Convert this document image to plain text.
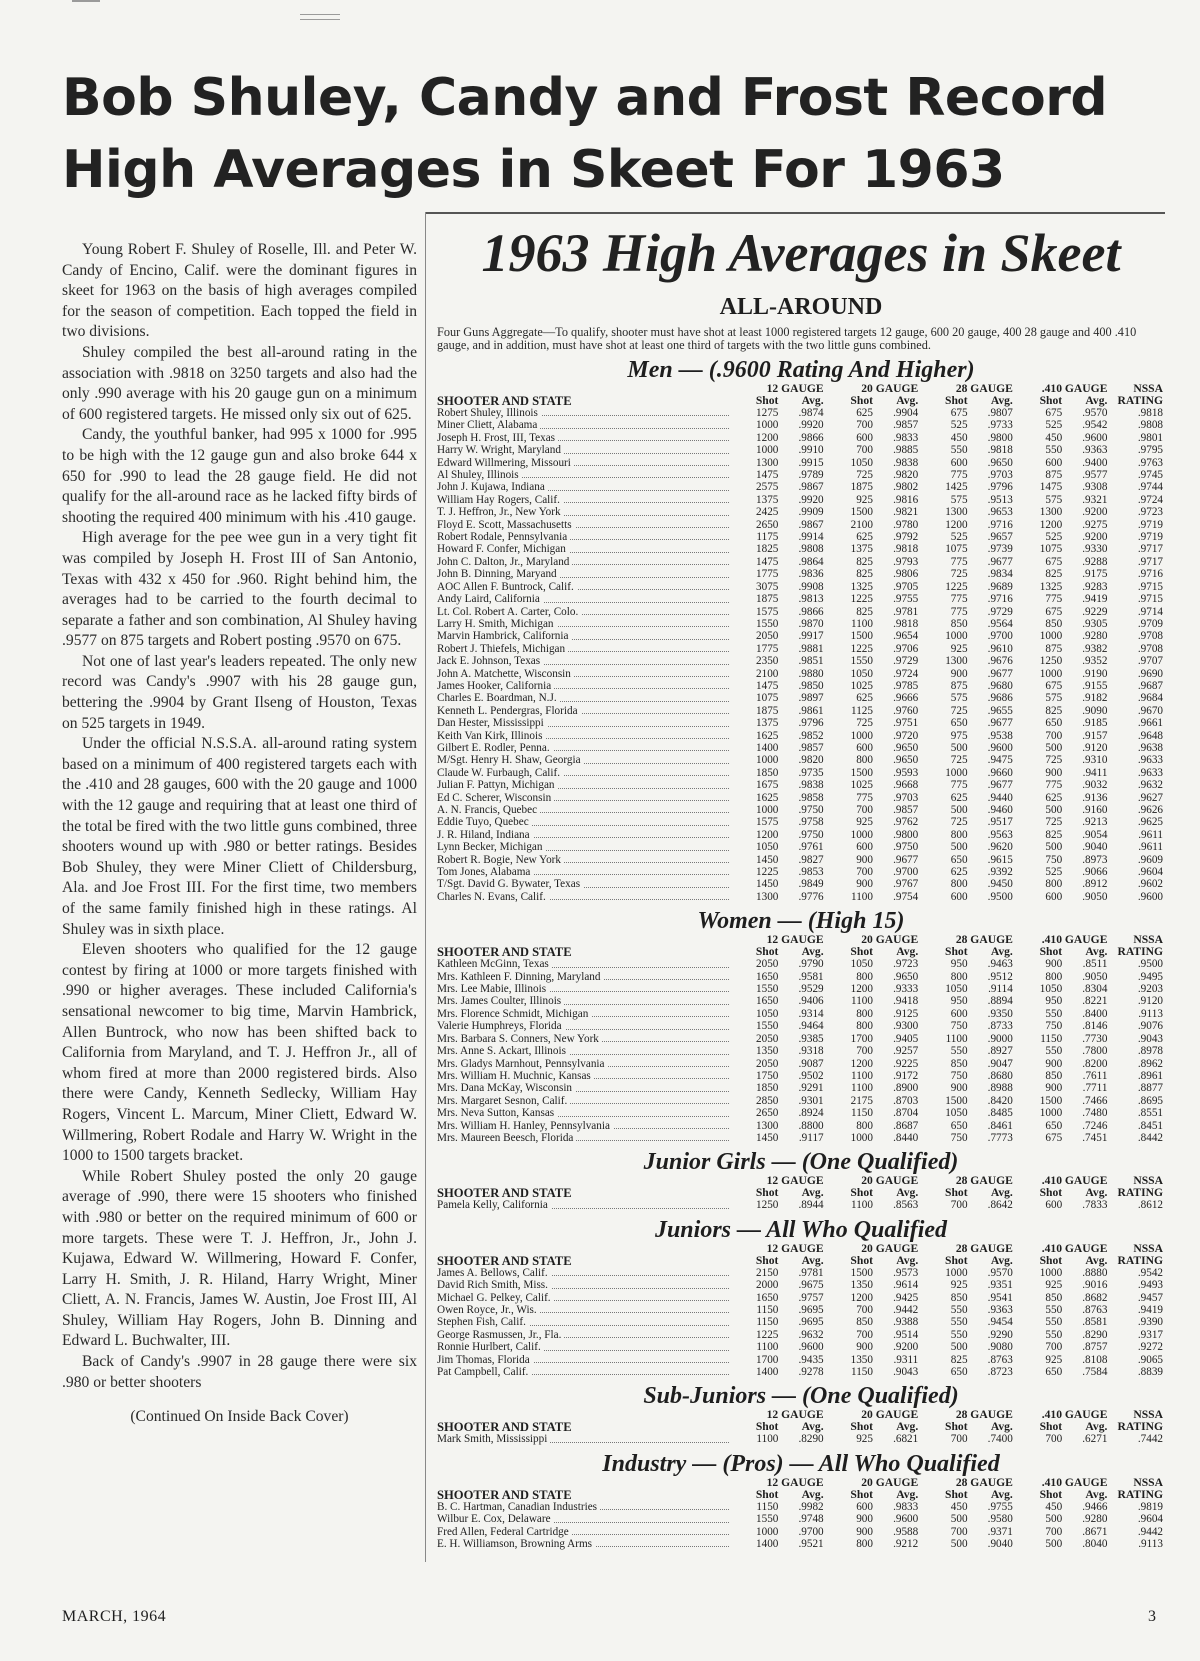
Bob Shuley, Candy and Frost Record
High Averages in Skeet For 1963

Young Robert F. Shuley of Roselle, Ill. and Peter W. Candy of Encino, Calif. were the dominant figures in skeet for 1963 on the basis of high averages compiled for the season of competition. Each topped the field in two divisions.

Shuley compiled the best all-around rating in the association with .9818 on 3250 targets and also had the only .990 average with his 20 gauge gun on a minimum of 600 registered targets. He missed only six out of 625.

Candy, the youthful banker, had 995 x 1000 for .995 to be high with the 12 gauge gun and also broke 644 x 650 for .990 to lead the 28 gauge field. He did not qualify for the all-around race as he lacked fifty birds of shooting the required 400 minimum with his .410 gauge.

High average for the pee wee gun in a very tight fit was compiled by Joseph H. Frost III of San Antonio, Texas with 432 x 450 for .960. Right behind him, the averages had to be carried to the fourth decimal to separate a father and son combination, Al Shuley having .9577 on 875 targets and Robert posting .9570 on 675.

Not one of last year's leaders repeated. The only new record was Candy's .9907 with his 28 gauge gun, bettering the .9904 by Grant Ilseng of Houston, Texas on 525 targets in 1949.

Under the official N.S.S.A. all-around rating system based on a minimum of 400 registered targets each with the .410 and 28 gauges, 600 with the 20 gauge and 1000 with the 12 gauge and requiring that at least one third of the total be fired with the two little guns combined, three shooters wound up with .980 or better ratings. Besides Bob Shuley, they were Miner Cliett of Childersburg, Ala. and Joe Frost III. For the first time, two members of the same family finished high in these ratings. Al Shuley was in sixth place.

Eleven shooters who qualified for the 12 gauge contest by firing at 1000 or more targets finished with .990 or higher averages. These included California's sensational newcomer to big time, Marvin Hambrick, Allen Buntrock, who now has been shifted back to California from Maryland, and T. J. Heffron Jr., all of whom fired at more than 2000 registered birds. Also there were Candy, Kenneth Sedlecky, William Hay Rogers, Vincent L. Marcum, Miner Cliett, Edward W. Willmering, Robert Rodale and Harry W. Wright in the 1000 to 1500 targets bracket.

While Robert Shuley posted the only 20 gauge average of .990, there were 15 shooters who finished with .980 or better on the required minimum of 600 or more targets. These were T. J. Heffron, Jr., John J. Kujawa, Edward W. Willmering, Howard F. Confer, Larry H. Smith, J. R. Hiland, Harry Wright, Miner Cliett, A. N. Francis, James W. Austin, Joe Frost III, Al Shuley, William Hay Rogers, John B. Dinning and Edward L. Buchwalter, III.

Back of Candy's .9907 in 28 gauge there were six .980 or better shooters

(Continued On Inside Back Cover)

1963 High Averages in Skeet
ALL-AROUND
Four Guns Aggregate—To qualify, shooter must have shot at least 1000 registered targets 12 gauge, 600 20 gauge, 400 28 gauge and 400 .410 gauge, and in addition, must have shot at least one third of targets with the two little guns combined.
Men — (.9600 Rating And Higher)
	12 GAUGE		20 GAUGE		28 GAUGE		.410 GAUGE		NSSA
SHOOTER AND STATE	Shot	Avg.	Shot	Avg.	Shot	Avg.	Shot	Avg.	RATING
Robert Shuley, Illinois	1275	.9874	625	.9904	675	.9807	675	.9570	.9818
Miner Cliett, Alabama	1000	.9920	700	.9857	525	.9733	525	.9542	.9808
Joseph H. Frost, III, Texas	1200	.9866	600	.9833	450	.9800	450	.9600	.9801
Harry W. Wright, Maryland	1000	.9910	700	.9885	550	.9818	550	.9363	.9795
Edward Willmering, Missouri	1300	.9915	1050	.9838	600	.9650	600	.9400	.9763
Al Shuley, Illinois	1475	.9789	725	.9820	775	.9703	875	.9577	.9745
John J. Kujawa, Indiana	2575	.9867	1875	.9802	1425	.9796	1475	.9308	.9744
William Hay Rogers, Calif.	1375	.9920	925	.9816	575	.9513	575	.9321	.9724
T. J. Heffron, Jr., New York	2425	.9909	1500	.9821	1300	.9653	1300	.9200	.9723
Floyd E. Scott, Massachusetts	2650	.9867	2100	.9780	1200	.9716	1200	.9275	.9719
Robert Rodale, Pennsylvania	1175	.9914	625	.9792	525	.9657	525	.9200	.9719
Howard F. Confer, Michigan	1825	.9808	1375	.9818	1075	.9739	1075	.9330	.9717
John C. Dalton, Jr., Maryland	1475	.9864	825	.9793	775	.9677	675	.9288	.9717
John B. Dinning, Maryand	1775	.9836	825	.9806	725	.9834	825	.9175	.9716
AOC Allen F. Buntrock, Calif.	3075	.9908	1325	.9705	1225	.9689	1325	.9283	.9715
Andy Laird, California	1875	.9813	1225	.9755	775	.9716	775	.9419	.9715
Lt. Col. Robert A. Carter, Colo.	1575	.9866	825	.9781	775	.9729	675	.9229	.9714
Larry H. Smith, Michigan	1550	.9870	1100	.9818	850	.9564	850	.9305	.9709
Marvin Hambrick, California	2050	.9917	1500	.9654	1000	.9700	1000	.9280	.9708
Robert J. Thiefels, Michigan	1775	.9881	1225	.9706	925	.9610	875	.9382	.9708
Jack E. Johnson, Texas	2350	.9851	1550	.9729	1300	.9676	1250	.9352	.9707
John A. Matchette, Wisconsin	2100	.9880	1050	.9724	900	.9677	1000	.9190	.9690
James Hooker, California	1475	.9850	1025	.9785	875	.9680	675	.9155	.9687
Charles E. Boardman, N.J.	1075	.9897	625	.9666	575	.9686	575	.9182	.9684
Kenneth L. Pendergras, Florida	1875	.9861	1125	.9760	725	.9655	825	.9090	.9670
Dan Hester, Mississippi	1375	.9796	725	.9751	650	.9677	650	.9185	.9661
Keith Van Kirk, Illinois	1625	.9852	1000	.9720	975	.9538	700	.9157	.9648
Gilbert E. Rodler, Penna.	1400	.9857	600	.9650	500	.9600	500	.9120	.9638
M/Sgt. Henry H. Shaw, Georgia	1000	.9820	800	.9650	725	.9475	725	.9310	.9633
Claude W. Furbaugh, Calif.	1850	.9735	1500	.9593	1000	.9660	900	.9411	.9633
Julian F. Pattyn, Michigan	1675	.9838	1025	.9668	775	.9677	775	.9032	.9632
Ed C. Scherer, Wisconsin	1625	.9858	775	.9703	625	.9440	625	.9136	.9627
A. N. Francis, Quebec	1000	.9750	700	.9857	500	.9460	500	.9160	.9626
Eddie Tuyo, Quebec	1575	.9758	925	.9762	725	.9517	725	.9213	.9625
J. R. Hiland, Indiana	1200	.9750	1000	.9800	800	.9563	825	.9054	.9611
Lynn Becker, Michigan	1050	.9761	600	.9750	500	.9620	500	.9040	.9611
Robert R. Bogie, New York	1450	.9827	900	.9677	650	.9615	750	.8973	.9609
Tom Jones, Alabama	1225	.9853	700	.9700	625	.9392	525	.9066	.9604
T/Sgt. David G. Bywater, Texas	1450	.9849	900	.9767	800	.9450	800	.8912	.9602
Charles N. Evans, Calif.	1300	.9776	1100	.9754	600	.9500	600	.9050	.9600
Women — (High 15)
	12 GAUGE		20 GAUGE		28 GAUGE		.410 GAUGE		NSSA
SHOOTER AND STATE	Shot	Avg.	Shot	Avg.	Shot	Avg.	Shot	Avg.	RATING
Kathleen McGinn, Texas	2050	.9790	1050	.9723	950	.9463	900	.8511	.9500
Mrs. Kathleen F. Dinning, Maryland	1650	.9581	800	.9650	800	.9512	800	.9050	.9495
Mrs. Lee Mabie, Illinois	1550	.9529	1200	.9333	1050	.9114	1050	.8304	.9203
Mrs. James Coulter, Illinois	1650	.9406	1100	.9418	950	.8894	950	.8221	.9120
Mrs. Florence Schmidt, Michigan	1050	.9314	800	.9125	600	.9350	550	.8400	.9113
Valerie Humphreys, Florida	1550	.9464	800	.9300	750	.8733	750	.8146	.9076
Mrs. Barbara S. Conners, New York	2050	.9385	1700	.9405	1100	.9000	1150	.7730	.9043
Mrs. Anne S. Ackart, Illinois	1350	.9318	700	.9257	550	.8927	550	.7800	.8978
Mrs. Gladys Marnhout, Pennsylvania	2050	.9087	1200	.9225	850	.9047	900	.8200	.8962
Mrs. William H. Muchnic, Kansas	1750	.9502	1100	.9172	750	.8680	850	.7611	.8961
Mrs. Dana McKay, Wisconsin	1850	.9291	1100	.8900	900	.8988	900	.7711	.8877
Mrs. Margaret Sesnon, Calif.	2850	.9301	2175	.8703	1500	.8420	1500	.7466	.8695
Mrs. Neva Sutton, Kansas	2650	.8924	1150	.8704	1050	.8485	1000	.7480	.8551
Mrs. William H. Hanley, Pennsylvania	1300	.8800	800	.8687	650	.8461	650	.7246	.8451
Mrs. Maureen Beesch, Florida	1450	.9117	1000	.8440	750	.7773	675	.7451	.8442
Junior Girls — (One Qualified)
	12 GAUGE		20 GAUGE		28 GAUGE		.410 GAUGE		NSSA
SHOOTER AND STATE	Shot	Avg.	Shot	Avg.	Shot	Avg.	Shot	Avg.	RATING
Pamela Kelly, California	1250	.8944	1100	.8563	700	.8642	600	.7833	.8612
Juniors — All Who Qualified
	12 GAUGE		20 GAUGE		28 GAUGE		.410 GAUGE		NSSA
SHOOTER AND STATE	Shot	Avg.	Shot	Avg.	Shot	Avg.	Shot	Avg.	RATING
James A. Bellows, Calif.	2150	.9781	1500	.9573	1000	.9570	1000	.8880	.9542
David Rich Smith, Miss.	2000	.9675	1350	.9614	925	.9351	925	.9016	.9493
Michael G. Pelkey, Calif.	1650	.9757	1200	.9425	850	.9541	850	.8682	.9457
Owen Royce, Jr., Wis.	1150	.9695	700	.9442	550	.9363	550	.8763	.9419
Stephen Fish, Calif.	1150	.9695	850	.9388	550	.9454	550	.8581	.9390
George Rasmussen, Jr., Fla.	1225	.9632	700	.9514	550	.9290	550	.8290	.9317
Ronnie Hurlbert, Calif.	1100	.9600	900	.9200	500	.9080	700	.8757	.9272
Jim Thomas, Florida	1700	.9435	1350	.9311	825	.8763	925	.8108	.9065
Pat Campbell, Calif.	1400	.9278	1150	.9043	650	.8723	650	.7584	.8839
Sub-Juniors — (One Qualified)
	12 GAUGE		20 GAUGE		28 GAUGE		.410 GAUGE		NSSA
SHOOTER AND STATE	Shot	Avg.	Shot	Avg.	Shot	Avg.	Shot	Avg.	RATING
Mark Smith, Mississippi	1100	.8290	925	.6821	700	.7400	700	.6271	.7442
Industry — (Pros) — All Who Qualified
	12 GAUGE		20 GAUGE		28 GAUGE		.410 GAUGE		NSSA
SHOOTER AND STATE	Shot	Avg.	Shot	Avg.	Shot	Avg.	Shot	Avg.	RATING
B. C. Hartman, Canadian Industries	1150	.9982	600	.9833	450	.9755	450	.9466	.9819
Wilbur E. Cox, Delaware	1550	.9748	900	.9600	500	.9580	500	.9280	.9604
Fred Allen, Federal Cartridge	1000	.9700	900	.9588	700	.9371	700	.8671	.9442
E. H. Williamson, Browning Arms	1400	.9521	800	.9212	500	.9040	500	.8040	.9113
MARCH, 1964	3
